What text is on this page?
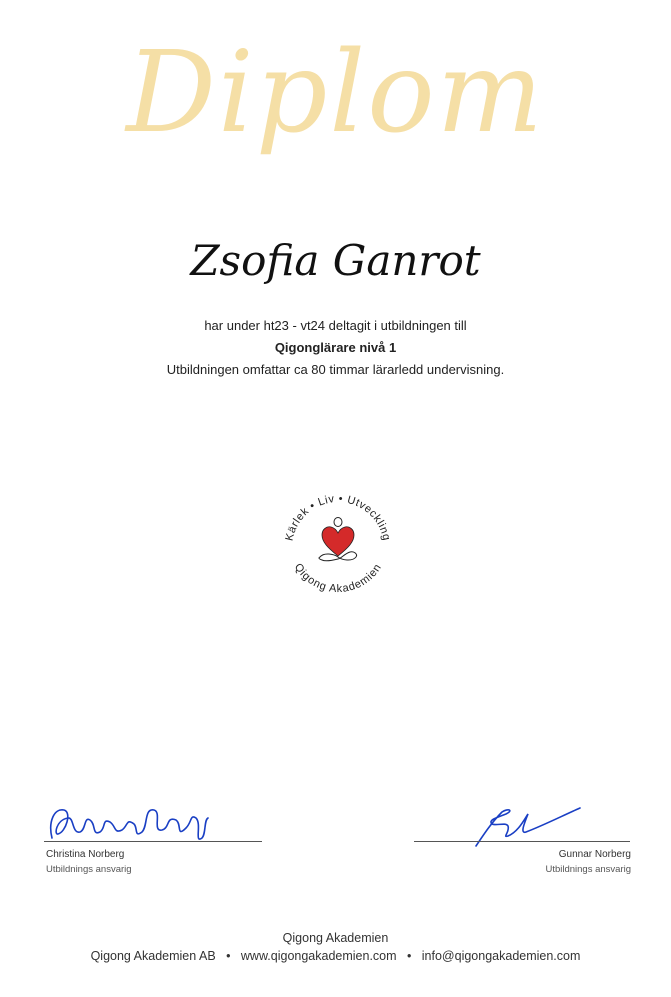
Diplom
Zsofia Ganrot
har under ht23 - vt24 deltagit i utbildningen till
Qigonglärare nivå 1
Utbildningen omfattar ca 80 timmar lärarledd undervisning.
Kärlek • Liv • Utveckling
Qigong Akademien
Christina Norberg
Utbildnings ansvarig
Gunnar Norberg
Utbildnings ansvarig
Qigong Akademien
Qigong Akademien AB • www.qigongakademien.com • info@qigongakademien.com
